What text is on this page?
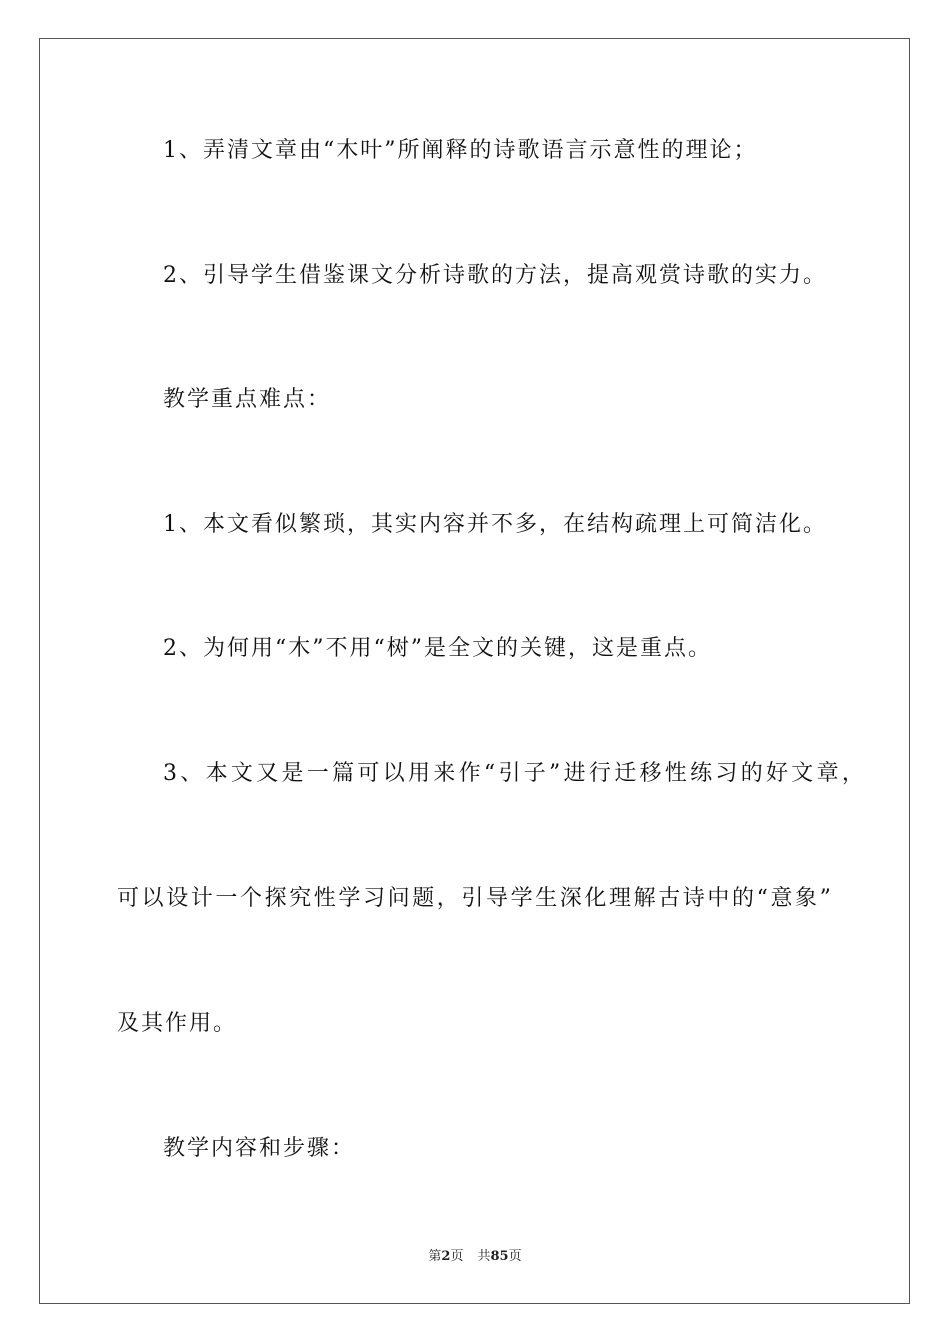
1、弄清文章由“木叶”所阐释的诗歌语言示意性的理论；
2、引导学生借鉴课文分析诗歌的方法，提高观赏诗歌的实力。
教学重点难点：
1、本文看似繁琐，其实内容并不多，在结构疏理上可简洁化。
2、为何用“木”不用“树”是全文的关键，这是重点。
3、本文又是一篇可以用来作“引子”进行迁移性练习的好文章，
可以设计一个探究性学习问题，引导学生深化理解古诗中的“意象”
及其作用。
教学内容和步骤：
第2页 共85页
